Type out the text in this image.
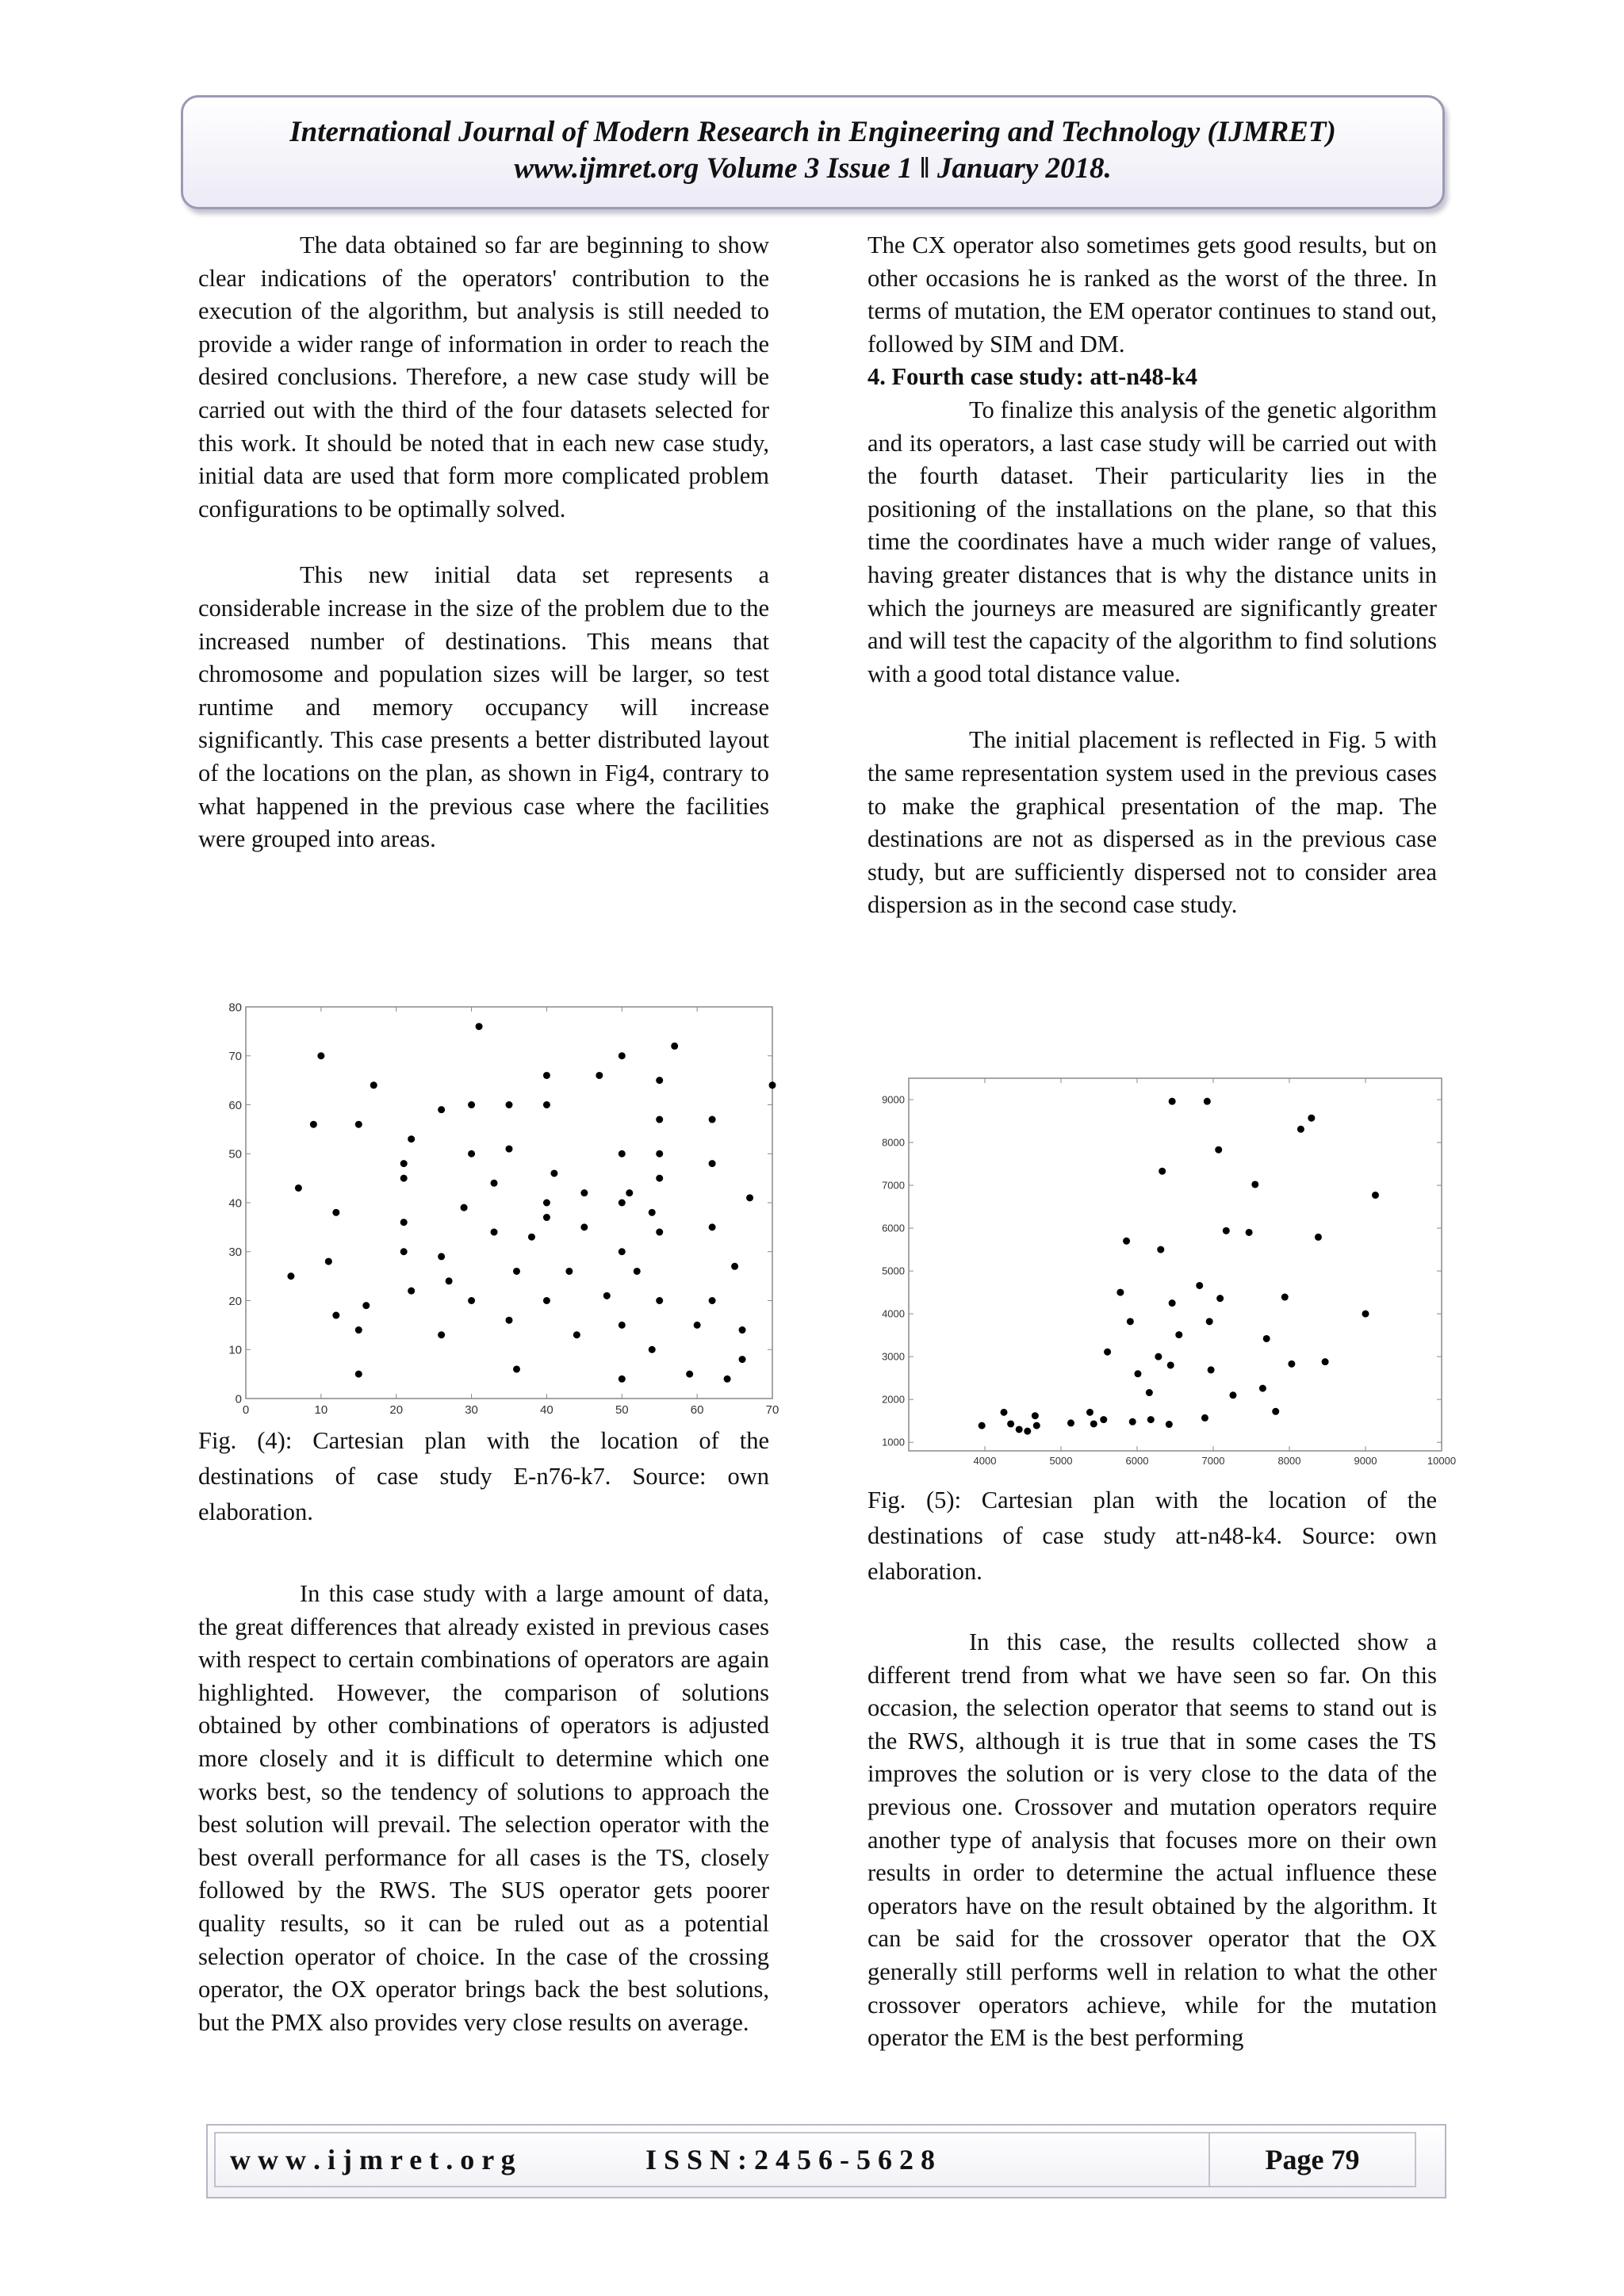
International Journal of Modern Research in Engineering and Technology (IJMRET)
www.ijmret.org Volume 3 Issue 1 ǁ January 2018.

The data obtained so far are beginning to show clear indications of the operators' contribution to the execution of the algorithm, but analysis is still needed to provide a wider range of information in order to reach the desired conclusions. Therefore, a new case study will be carried out with the third of the four datasets selected for this work. It should be noted that in each new case study, initial data are used that form more complicated problem configurations to be optimally solved.

This new initial data set represents a considerable increase in the size of the problem due to the increased number of destinations. This means that chromosome and population sizes will be larger, so test runtime and memory occupancy will increase significantly. This case presents a better distributed layout of the locations on the plan, as shown in Fig4, contrary to what happened in the previous case where the facilities were grouped into areas.

0	10	20	30	40	50	60	70
0
10
20
30
40
50
60
70
80
Fig. (4): Cartesian plan with the location of the destinations of case study E-n76-k7. Source: own elaboration.

In this case study with a large amount of data, the great differences that already existed in previous cases with respect to certain combinations of operators are again highlighted. However, the comparison of solutions obtained by other combinations of operators is adjusted more closely and it is difficult to determine which one works best, so the tendency of solutions to approach the best solution will prevail. The selection operator with the best overall performance for all cases is the TS, closely followed by the RWS. The SUS operator gets poorer quality results, so it can be ruled out as a potential selection operator of choice. In the case of the crossing operator, the OX operator brings back the best solutions, but the PMX also provides very close results on average.

The CX operator also sometimes gets good results, but on other occasions he is ranked as the worst of the three. In terms of mutation, the EM operator continues to stand out, followed by SIM and DM.

4. Fourth case study: att-n48-k4

To finalize this analysis of the genetic algorithm and its operators, a last case study will be carried out with the fourth dataset. Their particularity lies in the positioning of the installations on the plane, so that this time the coordinates have a much wider range of values, having greater distances that is why the distance units in which the journeys are measured are significantly greater and will test the capacity of the algorithm to find solutions with a good total distance value.

The initial placement is reflected in Fig. 5 with the same representation system used in the previous cases to make the graphical presentation of the map. The destinations are not as dispersed as in the previous case study, but are sufficiently dispersed not to consider area dispersion as in the second case study.

4000	5000	6000	7000	8000	9000	10000
1000
2000
3000
4000
5000
6000
7000
8000
9000
Fig. (5): Cartesian plan with the location of the destinations of case study att-n48-k4. Source: own elaboration.

In this case, the results collected show a different trend from what we have seen so far. On this occasion, the selection operator that seems to stand out is the RWS, although it is true that in some cases the TS improves the solution or is very close to the data of the previous one. Crossover and mutation operators require another type of analysis that focuses more on their own results in order to determine the actual influence these operators have on the result obtained by the algorithm. It can be said for the crossover operator that the OX generally still performs well in relation to what the other crossover operators achieve, while for the mutation operator the EM is the best performing

w w w . i j m r e t . o r g	I S S N : 2 4 5 6 - 5 6 2 8	Page 79
